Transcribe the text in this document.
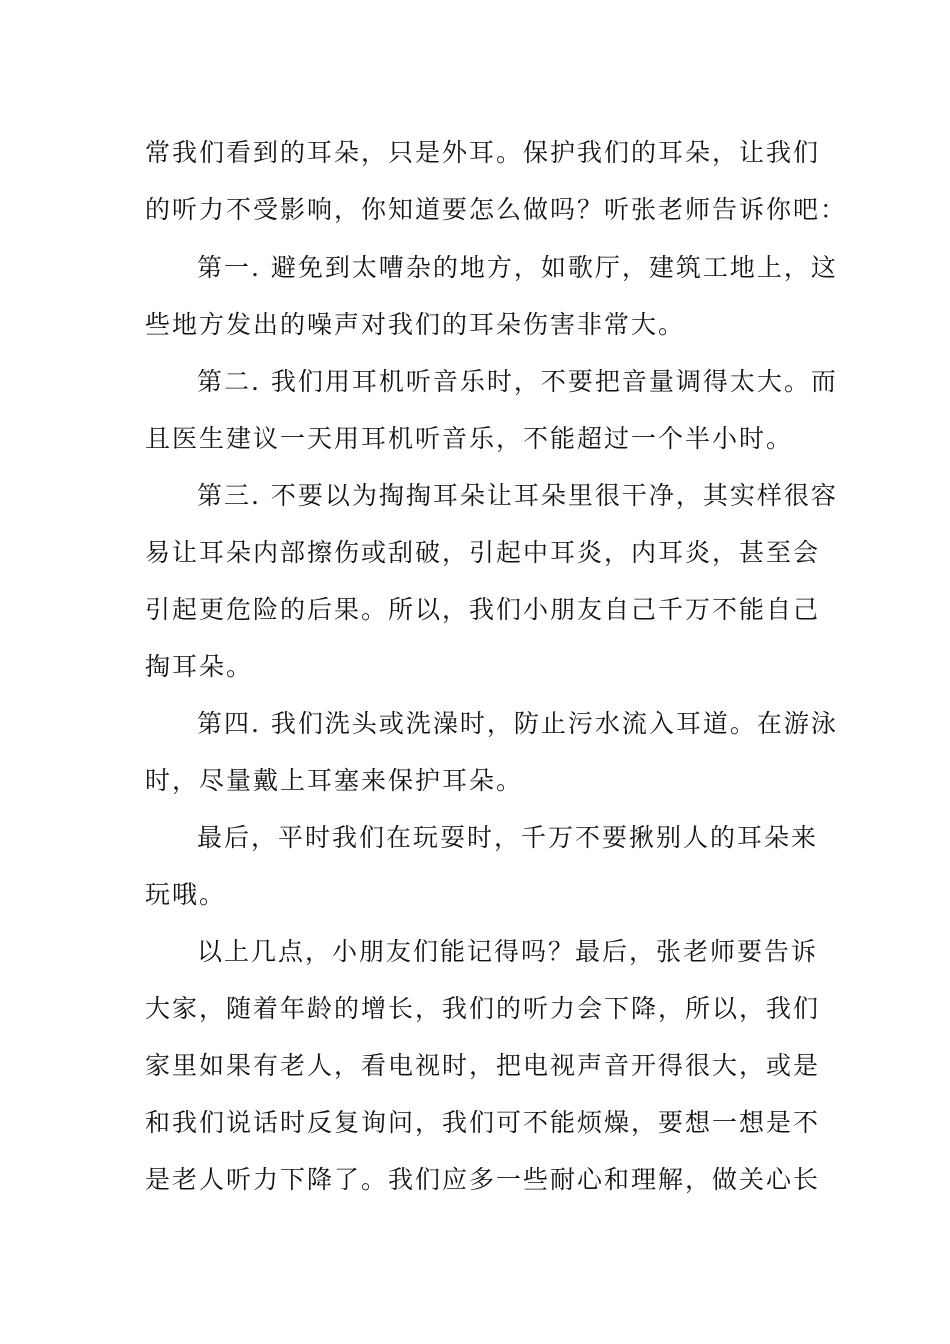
常我们看到的耳朵，只是外耳。保护我们的耳朵，让我们
的听力不受影响，你知道要怎么做吗？听张老师告诉你吧：
第一. 避免到太嘈杂的地方，如歌厅，建筑工地上，这
些地方发出的噪声对我们的耳朵伤害非常大。
第二. 我们用耳机听音乐时，不要把音量调得太大。而
且医生建议一天用耳机听音乐，不能超过一个半小时。
第三. 不要以为掏掏耳朵让耳朵里很干净，其实样很容
易让耳朵内部擦伤或刮破，引起中耳炎，内耳炎，甚至会
引起更危险的后果。所以，我们小朋友自己千万不能自己
掏耳朵。
第四. 我们洗头或洗澡时，防止污水流入耳道。在游泳
时，尽量戴上耳塞来保护耳朵。
最后，平时我们在玩耍时，千万不要揪别人的耳朵来
玩哦。
以上几点，小朋友们能记得吗？最后，张老师要告诉
大家，随着年龄的增长，我们的听力会下降，所以，我们
家里如果有老人，看电视时，把电视声音开得很大，或是
和我们说话时反复询问，我们可不能烦燥，要想一想是不
是老人听力下降了。我们应多一些耐心和理解，做关心长
